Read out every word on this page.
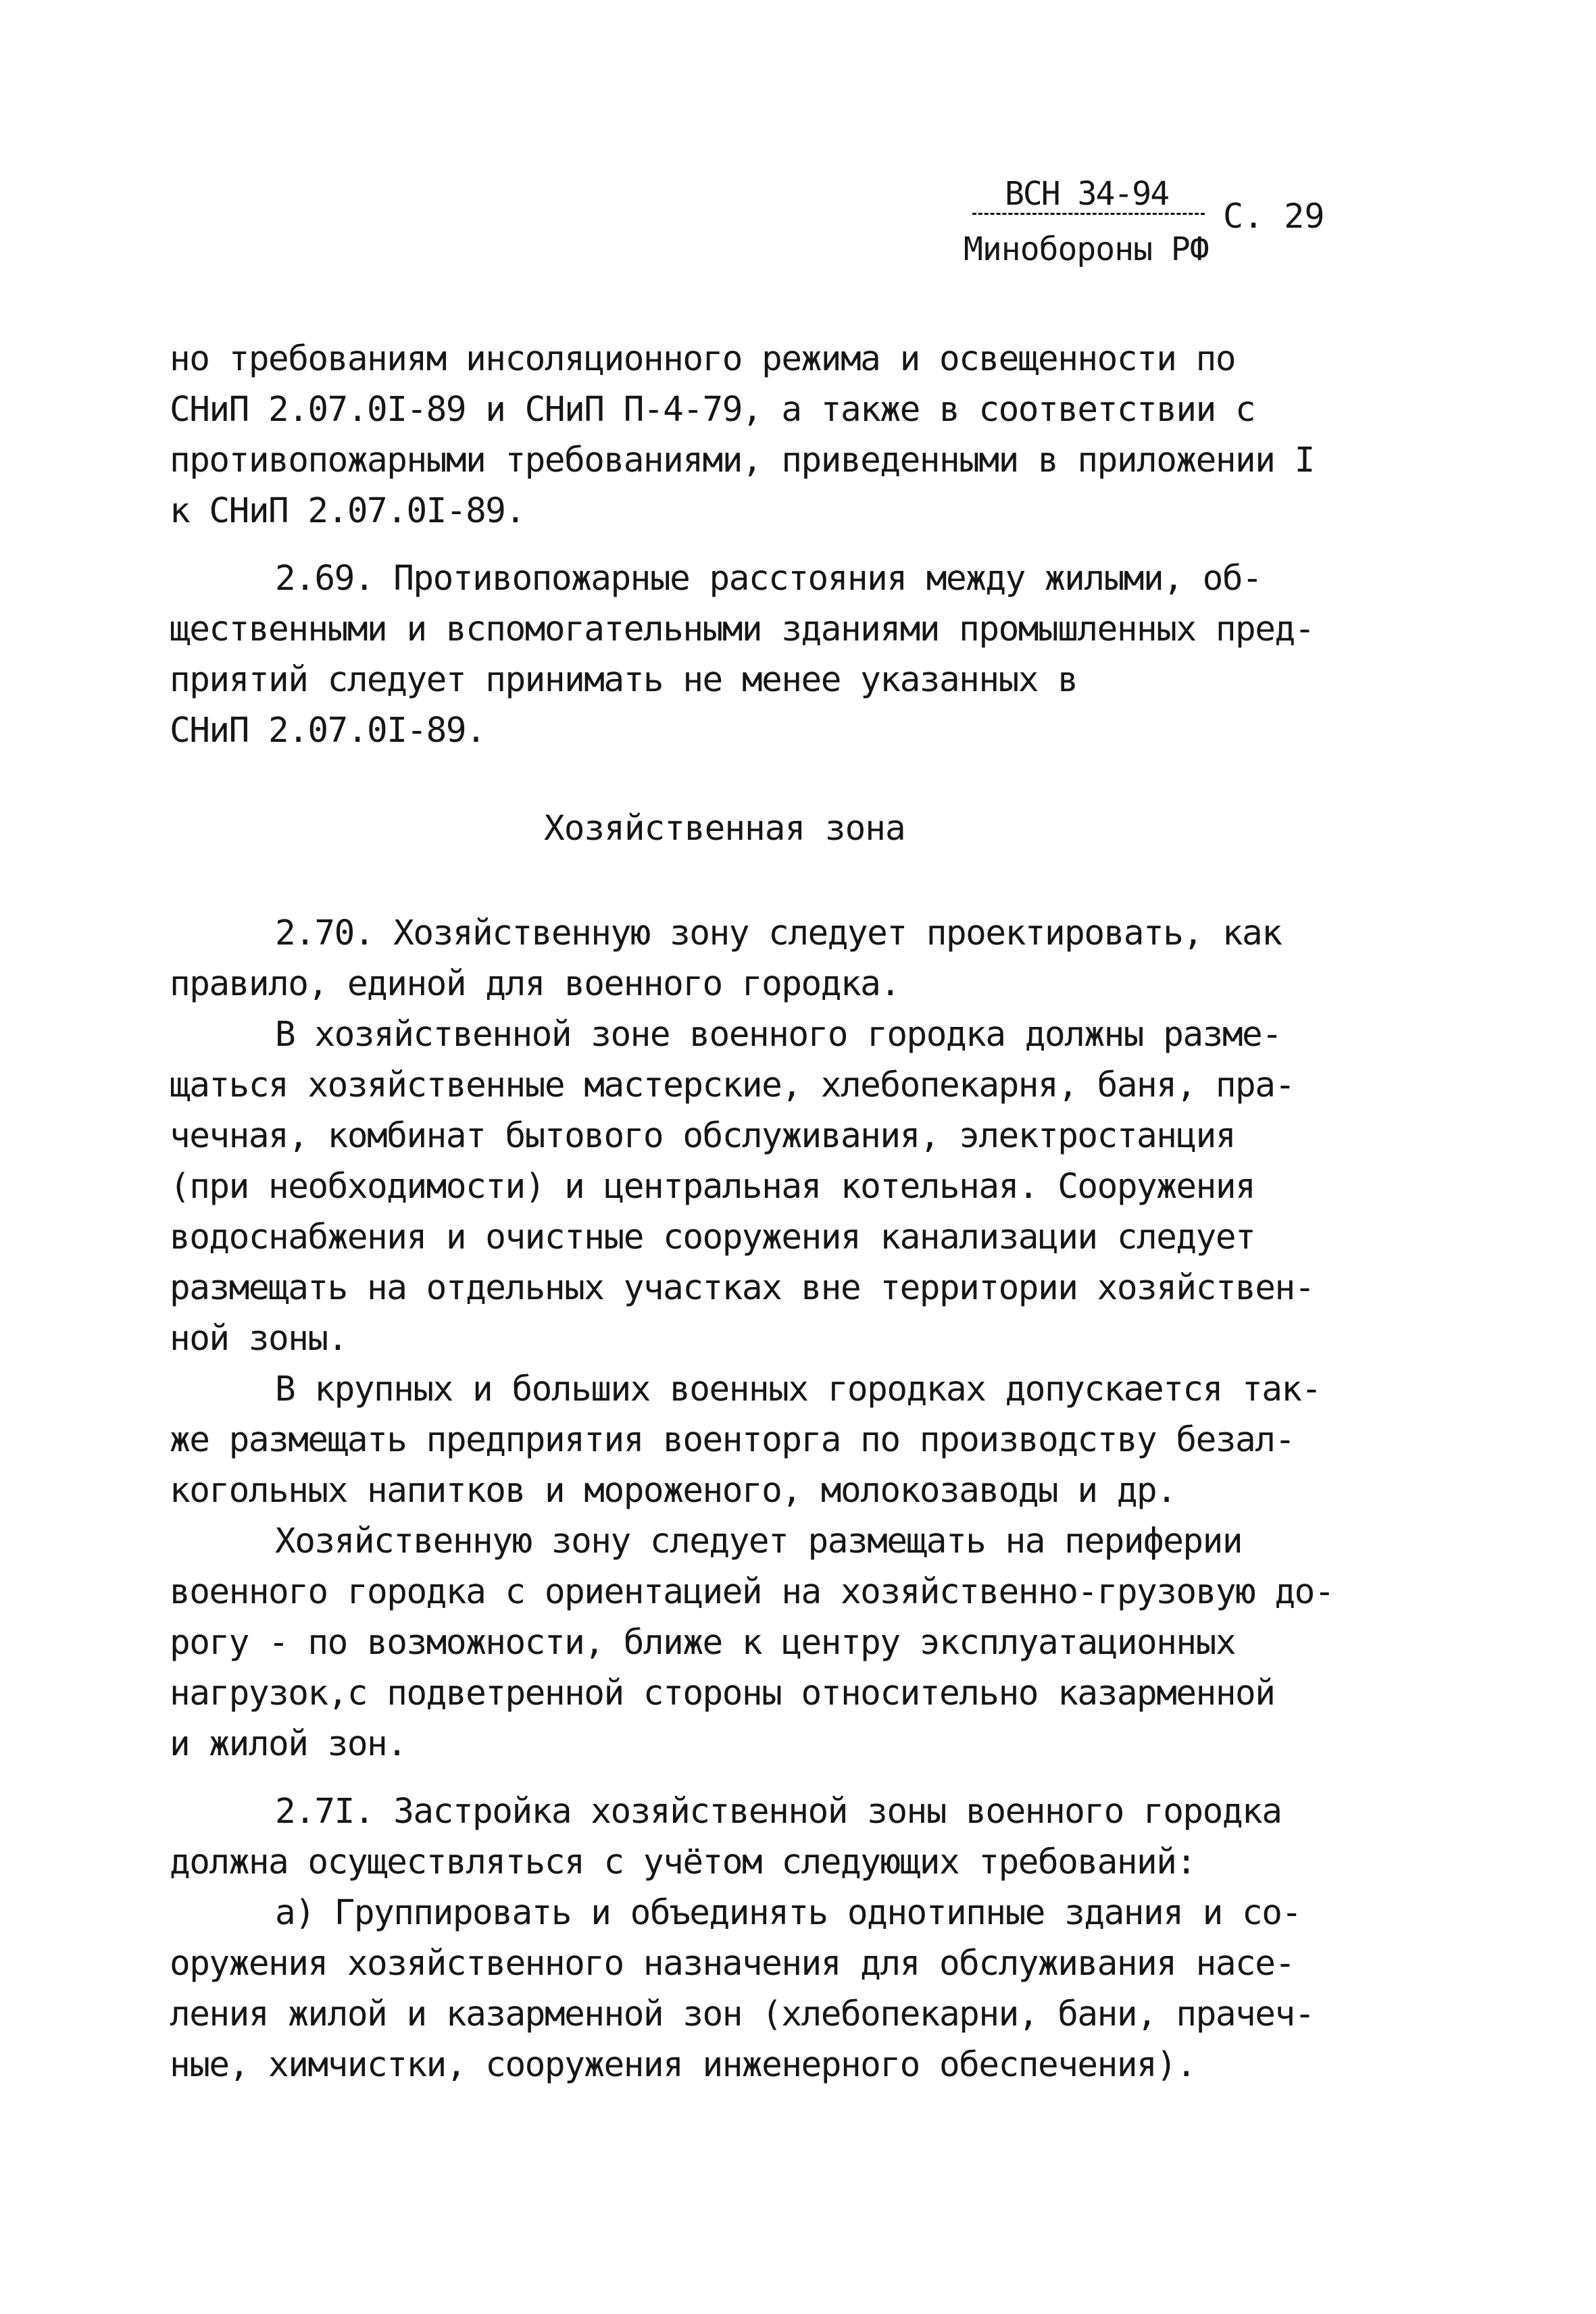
ВСН 34-94
С. 29
Минобороны РФ
но требованиям инсоляционного режима и освещенности по
СНиП 2.07.0I-89 и СНиП П-4-79, а также в соответствии с
противопожарными требованиями, приведенными в приложении I
к СНиП 2.07.0I-89.
2.69. Противопожарные расстояния между жилыми, об-
щественными и вспомогательными зданиями промышленных пред-
приятий следует принимать не менее указанных в
СНиП 2.07.0I-89.
Хозяйственная зона
2.70. Хозяйственную зону следует проектировать, как
правило, единой для военного городка.
В хозяйственной зоне военного городка должны разме-
щаться хозяйственные мастерские, хлебопекарня, баня, пра-
чечная, комбинат бытового обслуживания, электростанция
(при необходимости) и центральная котельная. Сооружения
водоснабжения и очистные сооружения канализации следует
размещать на отдельных участках вне территории хозяйствен-
ной зоны.
В крупных и больших военных городках допускается так-
же размещать предприятия военторга по производству безал-
когольных напитков и мороженого, молокозаводы и др.
Хозяйственную зону следует размещать на периферии
военного городка с ориентацией на хозяйственно-грузовую до-
рогу - по возможности, ближе к центру эксплуатационных
нагрузок,с подветренной стороны относительно казарменной
и жилой зон.
2.7I. Застройка хозяйственной зоны военного городка
должна осуществляться с учётом следующих требований:
а) Группировать и объединять однотипные здания и со-
оружения хозяйственного назначения для обслуживания насе-
ления жилой и казарменной зон (хлебопекарни, бани, прачеч-
ные, химчистки, сооружения инженерного обеспечения).
